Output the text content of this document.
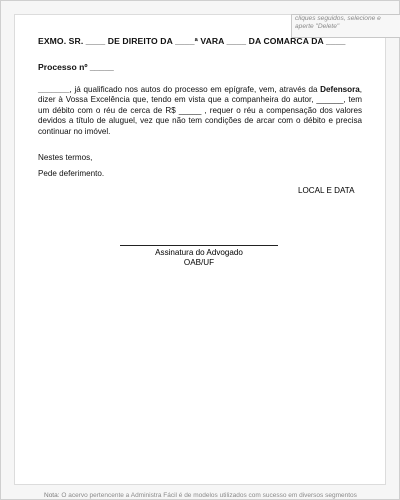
cliques seguidos, selecione e
aperte "Delete"
EXMO. SR. ____ DE DIREITO DA ____ª VARA ____ DA COMARCA DA ____
Processo nº _____
_______, já qualificado nos autos do processo em epígrafe, vem, através da Defensora, dizer à Vossa Excelência que, tendo em vista que a companheira do autor, ______, tem um débito com o réu de cerca de R$ _____ , requer o réu a compensação dos valores devidos a título de aluguel, vez que não tem condições de arcar com o débito e precisa continuar no imóvel.
Nestes termos,
Pede deferimento.
LOCAL E DATA
Assinatura do Advogado
OAB/UF
Nota: O acervo pertencente a Administra Fácil é de modelos utilizados com sucesso em diversos segmentos
